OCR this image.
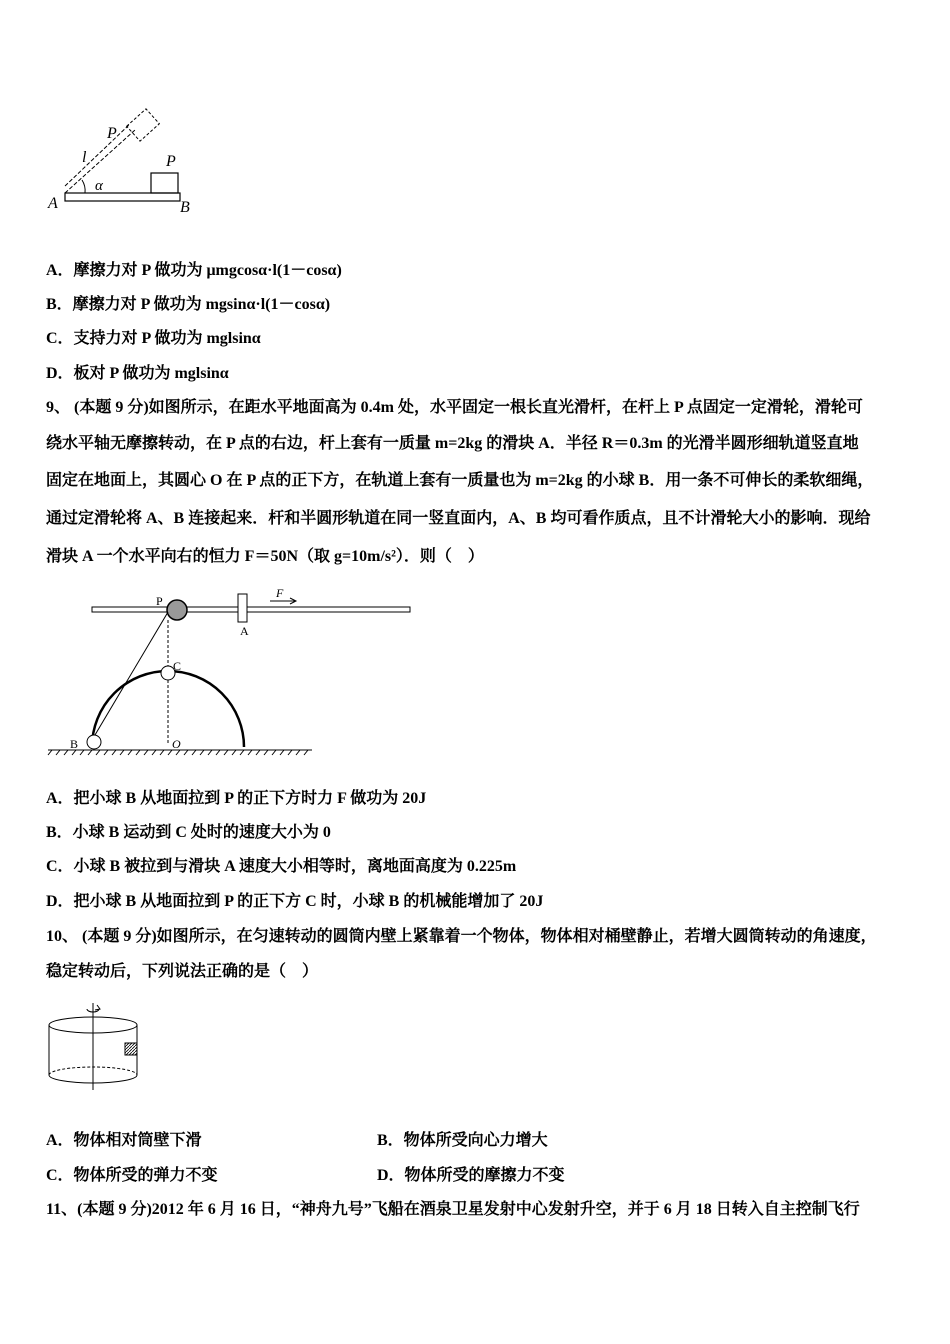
P
l
α
A	B
P
A．摩擦力对 P 做功为 μmgcosα·l(1－cosα)
B．摩擦力对 P 做功为 mgsinα·l(1－cosα)
C．支持力对 P 做功为 mglsinα
D．板对 P 做功为 mglsinα
9、 (本题 9 分)如图所示，在距水平地面高为 0.4m 处，水平固定一根长直光滑杆，在杆上 P 点固定一定滑轮，滑轮可
绕水平轴无摩擦转动，在 P 点的右边，杆上套有一质量 m=2kg 的滑块 A．半径 R＝0.3m 的光滑半圆形细轨道竖直地
固定在地面上，其圆心 O 在 P 点的正下方，在轨道上套有一质量也为 m=2kg 的小球 B．用一条不可伸长的柔软细绳，
通过定滑轮将 A、B 连接起来．杆和半圆形轨道在同一竖直面内，A、B 均可看作质点，且不计滑轮大小的影响．现给
滑块 A 一个水平向右的恒力 F＝50N（取 g=10m/s²）．则（　）
P
A
F
C
B	O
A．把小球 B 从地面拉到 P 的正下方时力 F 做功为 20J
B．小球 B 运动到 C 处时的速度大小为 0
C．小球 B 被拉到与滑块 A 速度大小相等时，离地面高度为 0.225m
D．把小球 B 从地面拉到 P 的正下方 C 时，小球 B 的机械能增加了 20J
10、 (本题 9 分)如图所示，在匀速转动的圆筒内壁上紧靠着一个物体，物体相对桶壁静止，若增大圆筒转动的角速度，
稳定转动后，下列说法正确的是（　）
A．物体相对筒壁下滑	B．物体所受向心力增大
C．物体所受的弹力不变	D．物体所受的摩擦力不变
11、(本题 9 分)2012 年 6 月 16 日，“神舟九号”飞船在酒泉卫星发射中心发射升空，并于 6 月 18 日转入自主控制飞行
